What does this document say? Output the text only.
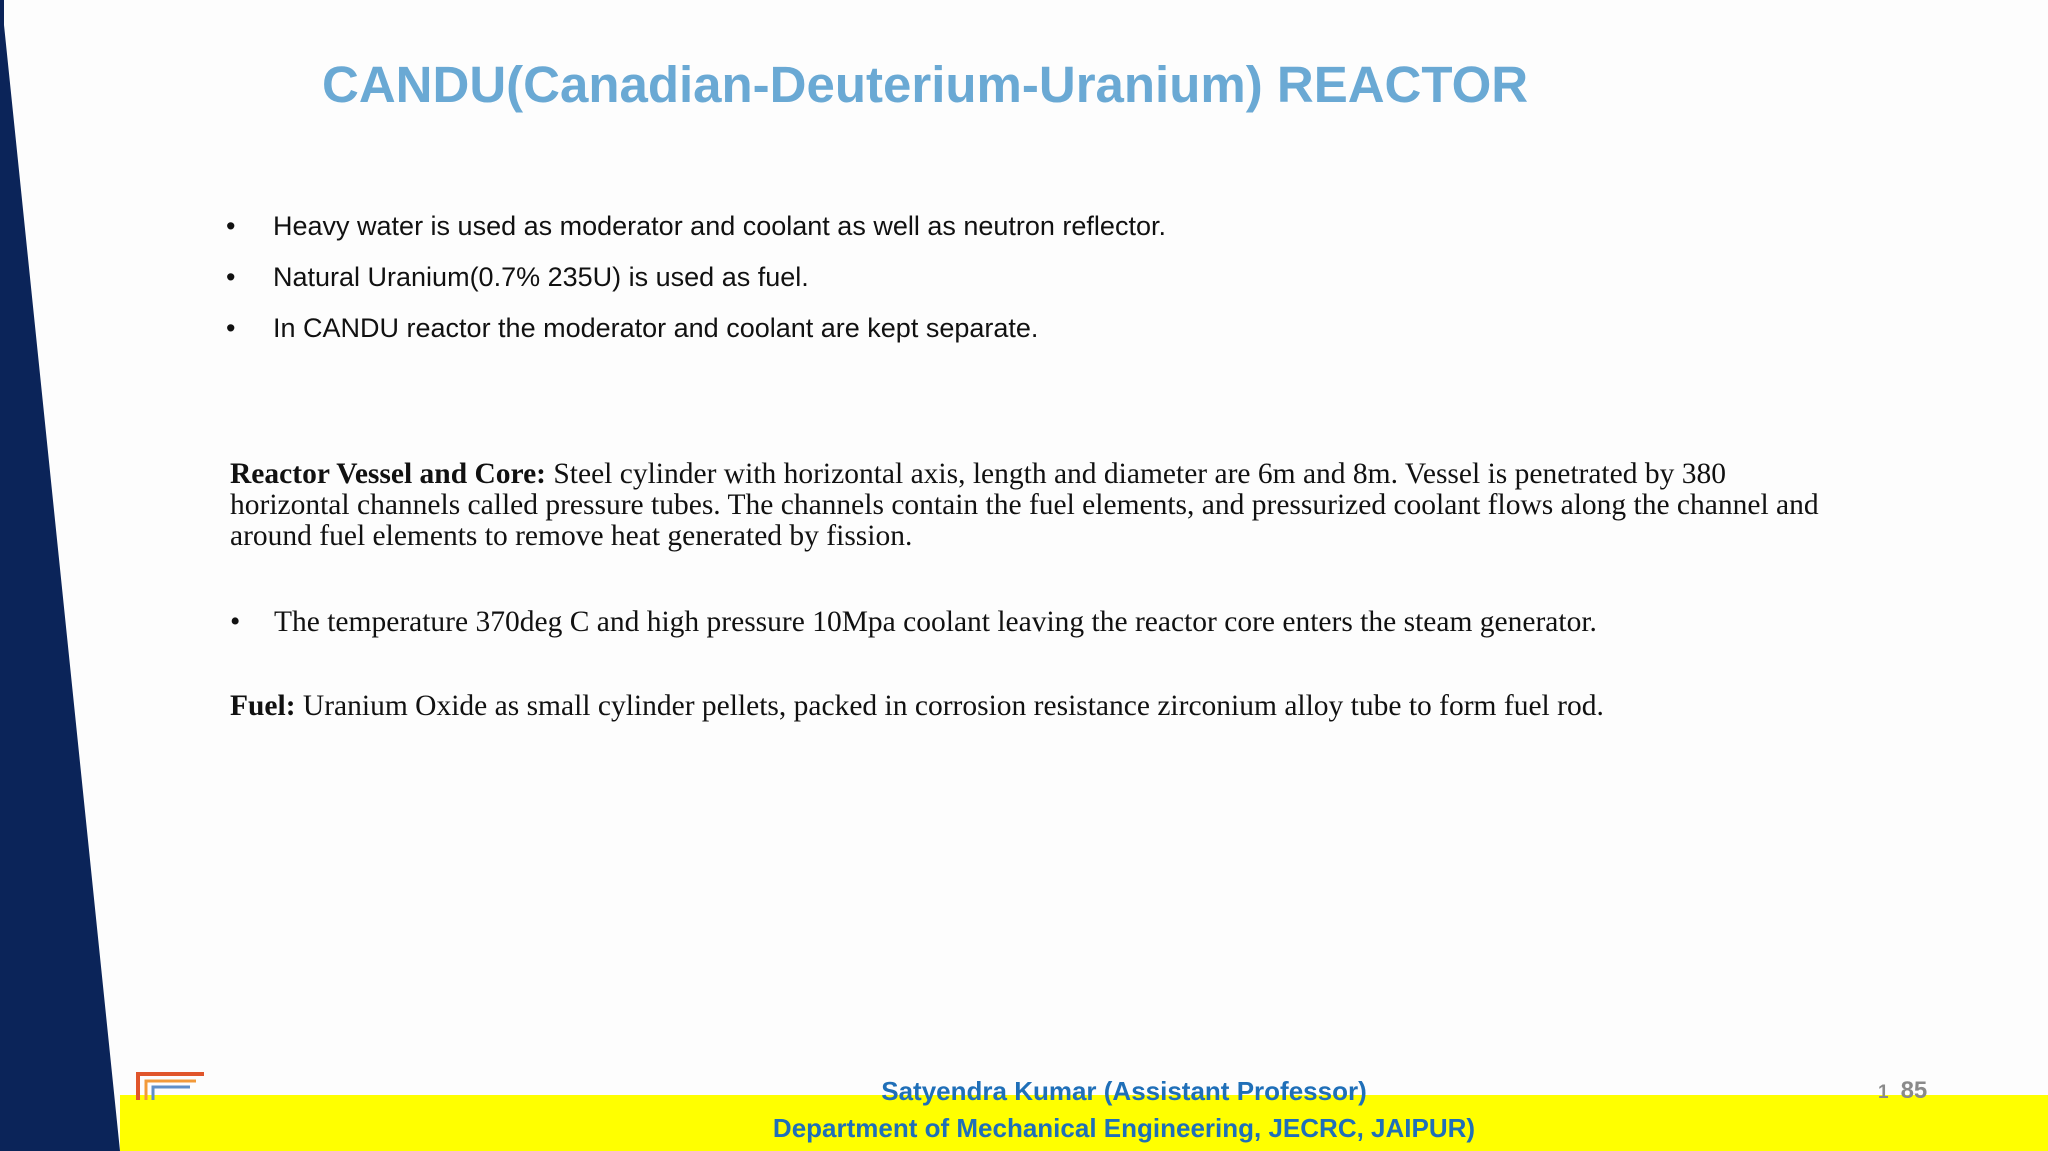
CANDU(Canadian-Deuterium-Uranium) REACTOR
• Heavy water is used as moderator and coolant as well as neutron reflector.
• Natural Uranium(0.7% 235U) is used as fuel.
• In CANDU reactor the moderator and coolant are kept separate.
Reactor Vessel and Core: Steel cylinder with horizontal axis, length and diameter are 6m and 8m. Vessel is penetrated by 380 horizontal channels called pressure tubes. The channels contain the fuel elements, and pressurized coolant flows along the channel and around fuel elements to remove heat generated by fission.
• The temperature 370deg C and high pressure 10Mpa coolant leaving the reactor core enters the steam generator.
Fuel: Uranium Oxide as small cylinder pellets, packed in corrosion resistance zirconium alloy tube to form fuel rod.
Satyendra Kumar (Assistant Professor)
Department of Mechanical Engineering, JECRC, JAIPUR)
1 85
